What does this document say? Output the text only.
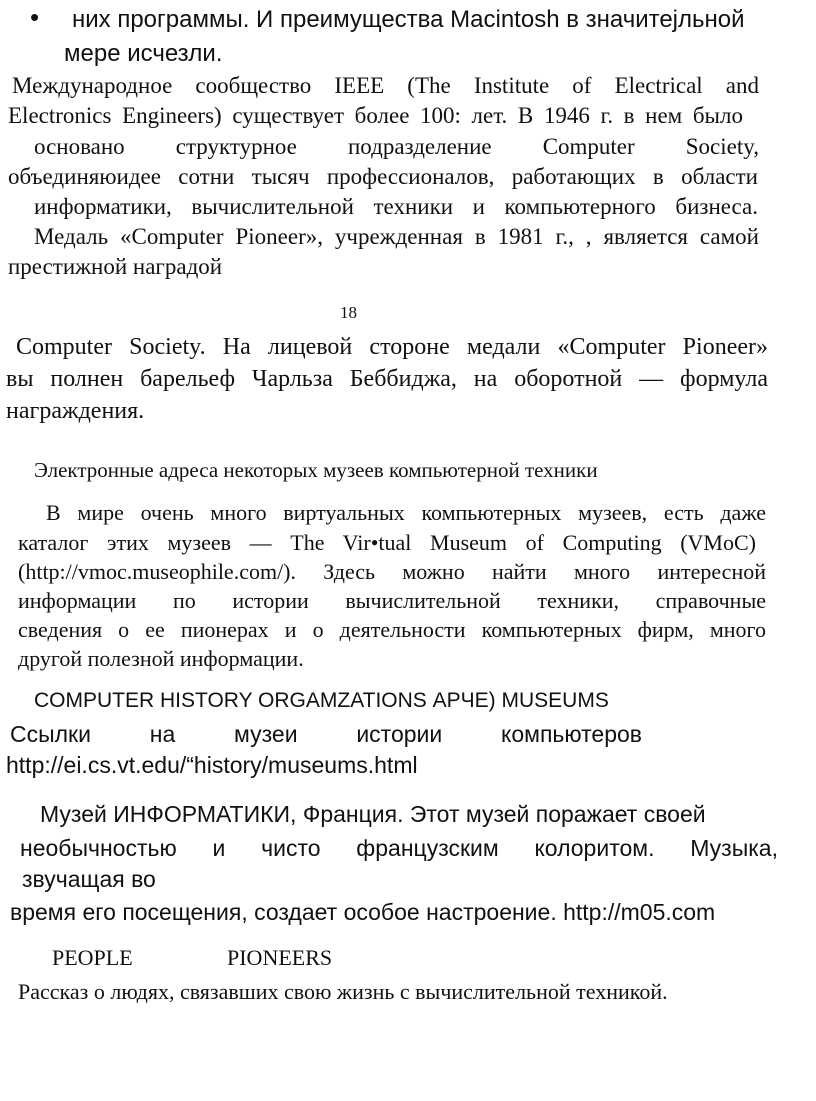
• них программы. И преимущества Macintosh в значитеjльной
мере исчезли.
Международное сообщество IEEE (The Institute of Electrical and
Electronics Engineers) существует более 100: лет. В 1946 г. в нем было
основано структурное подразделение Computer Society,
объединяюидее сотни тысяч профессионалов, работающих в области
информатики, вычислительной техники и компьютерного бизнеса.
Медаль «Computer Pioneer», учрежденная в 1981 г., , является самой
престижной наградой
18
Computer Society. На лицевой стороне медали «Computer Pioneer»
вы полнен барельеф Чарльза Беббиджа, на оборотной — формула
награждения.
Электронные адреса некоторых музеев компьютерной техники
В мире очень много виртуальных компьютерных музеев, есть даже
каталог этих музеев — The Vir•tual Museum of Computing (VMoC)
(http://vmoc.museophile.com/). Здесь можно найти много интересной
информации по истории вычислительной техники, справочные
сведения о ее пионерах и о деятельности компьютерных фирм, много
другой полезной информации.
COMPUTER HISTORY ORGAMZATIONS АРЧЕ) MUSEUMS
Ссылки на музеи истории компьютеров
http://ei.cs.vt.edu/“history/museums.html
Музей ИНФОРМАТИКИ, Франция. Этот музей поражает своей
необычностью и чисто французским колоритом. Музыка,
звучащая во
время его посещения, создает особое настроение. http://m05.com
PEOPLE	PIONEERS
Рассказ о людях, связавших свою жизнь с вычислительной техникой.
